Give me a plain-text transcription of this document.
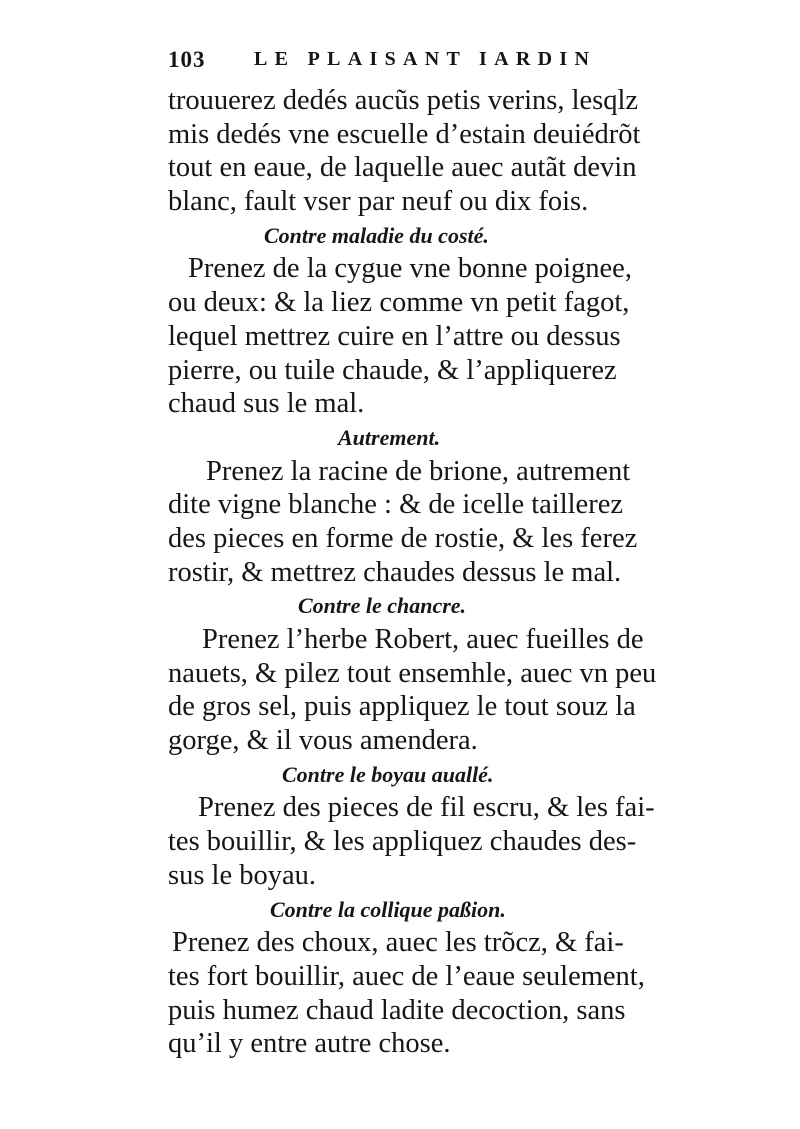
103 LE PLAISANT IARDIN
trouuerez dedés aucũs petis verins, lesqlz
mis dedés vne escuelle d’estain deuiédrõt
tout en eaue, de laquelle auec autãt devin
blanc, fault vser par neuf ou dix fois.
Contre maladie du costé.
Prenez de la cygue vne bonne poignee,
ou deux: & la liez comme vn petit fagot,
lequel mettrez cuire en l’attre ou dessus
pierre, ou tuile chaude, & l’appliquerez
chaud sus le mal.
Autrement.
Prenez la racine de brione, autrement
dite vigne blanche : & de icelle taillerez
des pieces en forme de rostie, & les ferez
rostir, & mettrez chaudes dessus le mal.
Contre le chancre.
Prenez l’herbe Robert, auec fueilles de
nauets, & pilez tout ensemhle, auec vn peu
de gros sel, puis appliquez le tout souz la
gorge, & il vous amendera.
Contre le boyau auallé.
Prenez des pieces de fil escru, & les fai-
tes bouillir, & les appliquez chaudes des-
sus le boyau.
Contre la collique paßion.
Prenez des choux, auec les trõcz, & fai-
tes fort bouillir, auec de l’eaue seulement,
puis humez chaud ladite decoction, sans
qu’il y entre autre chose.
